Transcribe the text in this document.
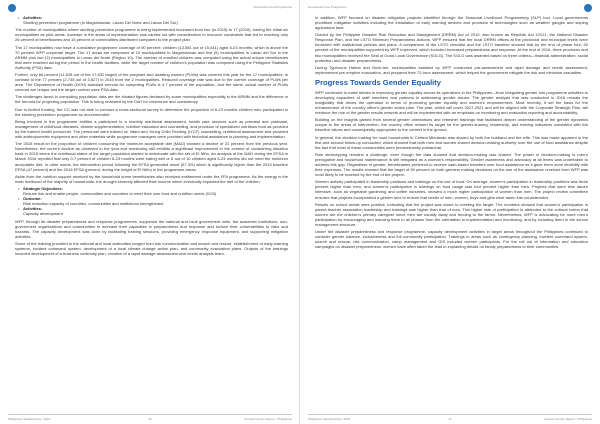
Household Food Programme
• Activities:
Stunting prevention programme (in Maguindanao, Lanao Del Norte and Lanao Del Sur)

The number of municipalities where stunting prevention programme is being implemented increased from two (in 2015) to 17 (2016), having the initial six municipalities as pilot areas. Increase in the areas of implementation was carried out with consideration to resource constraints that led to reaching only 26 percent of beneficiaries and 15 percent of commodities distributed compared to the project plan.

The 17 municipalities now have a cumulative programme coverage of 90 percent: children (13,581 out of 15,441) aged 6-23 months, which is above the 70 percent WFP corporate target. The 17 areas are composed of 10 municipalities in Maguindanao and five (5) municipalities in Lanao del Sur in the ARMM plus two (2) municipalities in Lanao del Norte (Region 10). The number of enrolled children was computed using the actual unique beneficiaries that were reached during the period in the health facilities, while the target number of children's population was computed using the Philippine Statistics Authority (PSA) data.

Further, only 66 percent (11,628 out of the 17,632 target) of the pregnant and lactating women (PLWs) was covered this year for the 17 municipalities, in contrast to the 77 percent (2,745 out of 3,627) in 2015 from the 2 municipalities. Reduced coverage rate was due to the current coverage of PLWs per area. The Department of Health (DOH) standard formula for computing PLWs is 4.7 percent of the population. Just the same, actual number of PLWs covered are unique and the target number uses PSA data.

The challenges faced in computing population data are the bloated figures declared by some municipalities especially in the ARMM and the difference in the formula for projecting population. This is being reviewed by the DoH for coherence and consistency.

Due to limited funding, the CO was not able to conduct a cross-sectional survey to determine the proportion of 6-23 months children who participated in the stunting prevention programme as recommended.

Being involved in the programme entitles a participant to a monthly nutritional assessment, health care services such as prenatal and postnatal, management of childhood diseases, vitamin supplementation, nutrition education and counselling, and provision of specialized nutritious food as provided by the trained health personnel. The personnel were trained on Infant and Young Child Feeding (IYCF) counselling, nutritional assessment and provided with anthropometric equipment and other materials while programme managers were provided with technical assistance in planning and implementation.

The 2016 result on the proportion of children consuming the minimum acceptable diet (MAD) showed a decline of 22 percent from the previous year. Nonetheless, the current decline as observed in the year-end monitoring still exhibits a significant improvement in the context of considering situation back in 2015 where the nutritional status of the target population started to deteriorate with the set of El Niño. An analysis of the MAD during the EFSA in March 2016 reported that only 0.7 percent of children 6-23 months were eating well or 6 out of 10 children aged 6-23 months did not meet the minimum acceptable diet. In other words, the intervention period following the EFSA generated result (57.3%) which is significantly higher than the 2015 baseline EFSA (47 percent) and the 2016 EFSA (percent, during the height of El Niño) in the programme areas.

Aside from the nutrition support received by the household some beneficiaries also received entitlement under the FFA programme. As the energy is the main livelihood of the majority of households, the drought severely affected their income which eventually impacted the diet of the children.

• Strategic Objectives:
Reduce risk and enable people, communities and countries to meet their own food and nutrition needs (SO3)
• Outcome:
Risk reduction capacity of countries, communities and institutions strengthened
• Activities:
Capacity development

WFP, through its disaster preparedness and response programmes, supported the national and local government units, the academic institutions, non-government organizations and communities to increase their capacities in preparedness and response and reduce their vulnerabilities to risks and hazards. The capacity development was done by facilitating training sessions, providing emergency response equipment, and supporting mitigation activities.

Some of the training provided to the national and local authorities ranged from risk communication and search and rescue, establishment of early warning systems, incident command system, development of a local climate change action plan, and community evacuation plans. Outputs of the trainings included development of a business continuity plan, creation of a rapid damage assessment and needs analysis team.

Philippines Standard Doc. 2019	16	Annual Country Report - Philippines
Household Food Programme

In addition, WFP focused on disaster mitigation projects identified through the Seasonal Livelihood Programming (SLP) tool. Local governments prioritised mitigation activities including the installation of early warning devices and provision of technologies such as weather gauges and sloping agricultural land.

Guided by the Philippine Disaster Risk Reduction and Management (DRRM) Act of 2010, also known as Republic Act 10121, the National Disaster Response Plan, and the LSTO Minimum Preparedness Actions, WFP ensured that the local DRRM offices at the provincial and municipal levels were furnished with institutional policies and plans. A comparison of the LSTO checklist and the LSTO baseline showed that by the end of phase four, 90 percent of the municipalities supported by WFP improved, which included increased preparedness and response. At the end of 2016, three provinces and two municipalities received the Seal of Good Local Governance (SGLG). The SGLG was awarded based on three criteria—financial administration, social protection and disaster preparedness.

During Typhoons Haima and Nock-ten, municipalities assisted by WFP conducted pre-assessment and rapid damage and needs assessment, implemented pre-emptive evacuation, and prepared their 72-hour assessment, which helped the government mitigate the risk and minimise casualties.

Progress Towards Gender Equality

WFP continued to make strides in improving gender equality across its operations in the Philippines—from integrating gender into programme activities to developing capacities of staff members and partners in addressing gender issues. The gender analysis that was conducted in 2016 reveals the marginality that drives the operation in terms of promoting gender equality and women's empowerment. Most recently, it set the basis for the enhancement of the country office's gender action plan. The plan, which will cover 2017-2021 and will be aligned with the Corporate Strategic Plan, will reinforce the role of the gender results network and will be implemented with an emphasis on monitoring and evaluation reporting and accountability.

Building on the insights gained from several gender orientations and refresher trainings that facilitated deeper understanding of the gender dynamics unique to the areas of intervention, the country office revised its target for the gender-sharing, leadership, and training indicators consistent with the baseline values and consequently appropriate to the context in the ground.

In general, the decision making for most households in Central Mindanao was shared by both the husband and the wife. This was made apparent in the first and second follow-up conducted, which showed that both men and women shared decision-making authority over the use of food assistance despite the fact that most of these communities were predominantly patriarchal.

Role stereotyping remains a challenge, even though the data showed that decision-making was shared. The power in decision-making is men's prerogative and household maintenance is still relegated as a woman's responsibility. Gender awareness and advocacy at all levels was undertaken to address this gap. Regardless of gender, beneficiaries preferred to receive cash-based transfers over food assistance as it gave them more flexibility with their expenses. The results showed that the target of 50 percent on both genders making decisions on the use of the assistance received from WFP was most likely to be reached by the end of the project.

Women actively participated in leadership positions and trainings on the use of food. On average, women's participation in leadership positions was three percent higher than men, and women's participation in trainings on food usage was four percent higher than men. Projects that were less labour intensive, such as vegetable gardening and coffee nurseries, showed a much higher participation of women than men. The project review committee ensured that projects incorporated a gender lens to ensure that needs of men, women, boys and girls were taken into consideration.

Results on school meals were positive, indicating that the project was closer to meeting the target. The numbers showed that women's participation in parent-teacher association leadership and trainings was higher than that of men. This higher rate of participation is attributed to the cultural notion that women are the children's primary caregiver since men are usually away and tending to the farms. Nevertheless, WFP is advocating for more men's participation by encouraging and inducing them in all phases from the orientation to implementation and monitoring, and by including them in the school management structure.

Under the disaster preparedness and response programme, capacity development activities in target areas throughout the Philippines continued to consider gender balance, inclusiveness and full community participation. Trainings in areas such as contingency planning, incident command system, search and rescue, risk communication, camp management and GIS included women participants. For the roll out of information and education campaigns on disaster preparedness, women have often taken the lead in explaining details on family preparedness to their communities.

Philippines Standard Doc. 2019	17	Annual Country Report - Philippines
